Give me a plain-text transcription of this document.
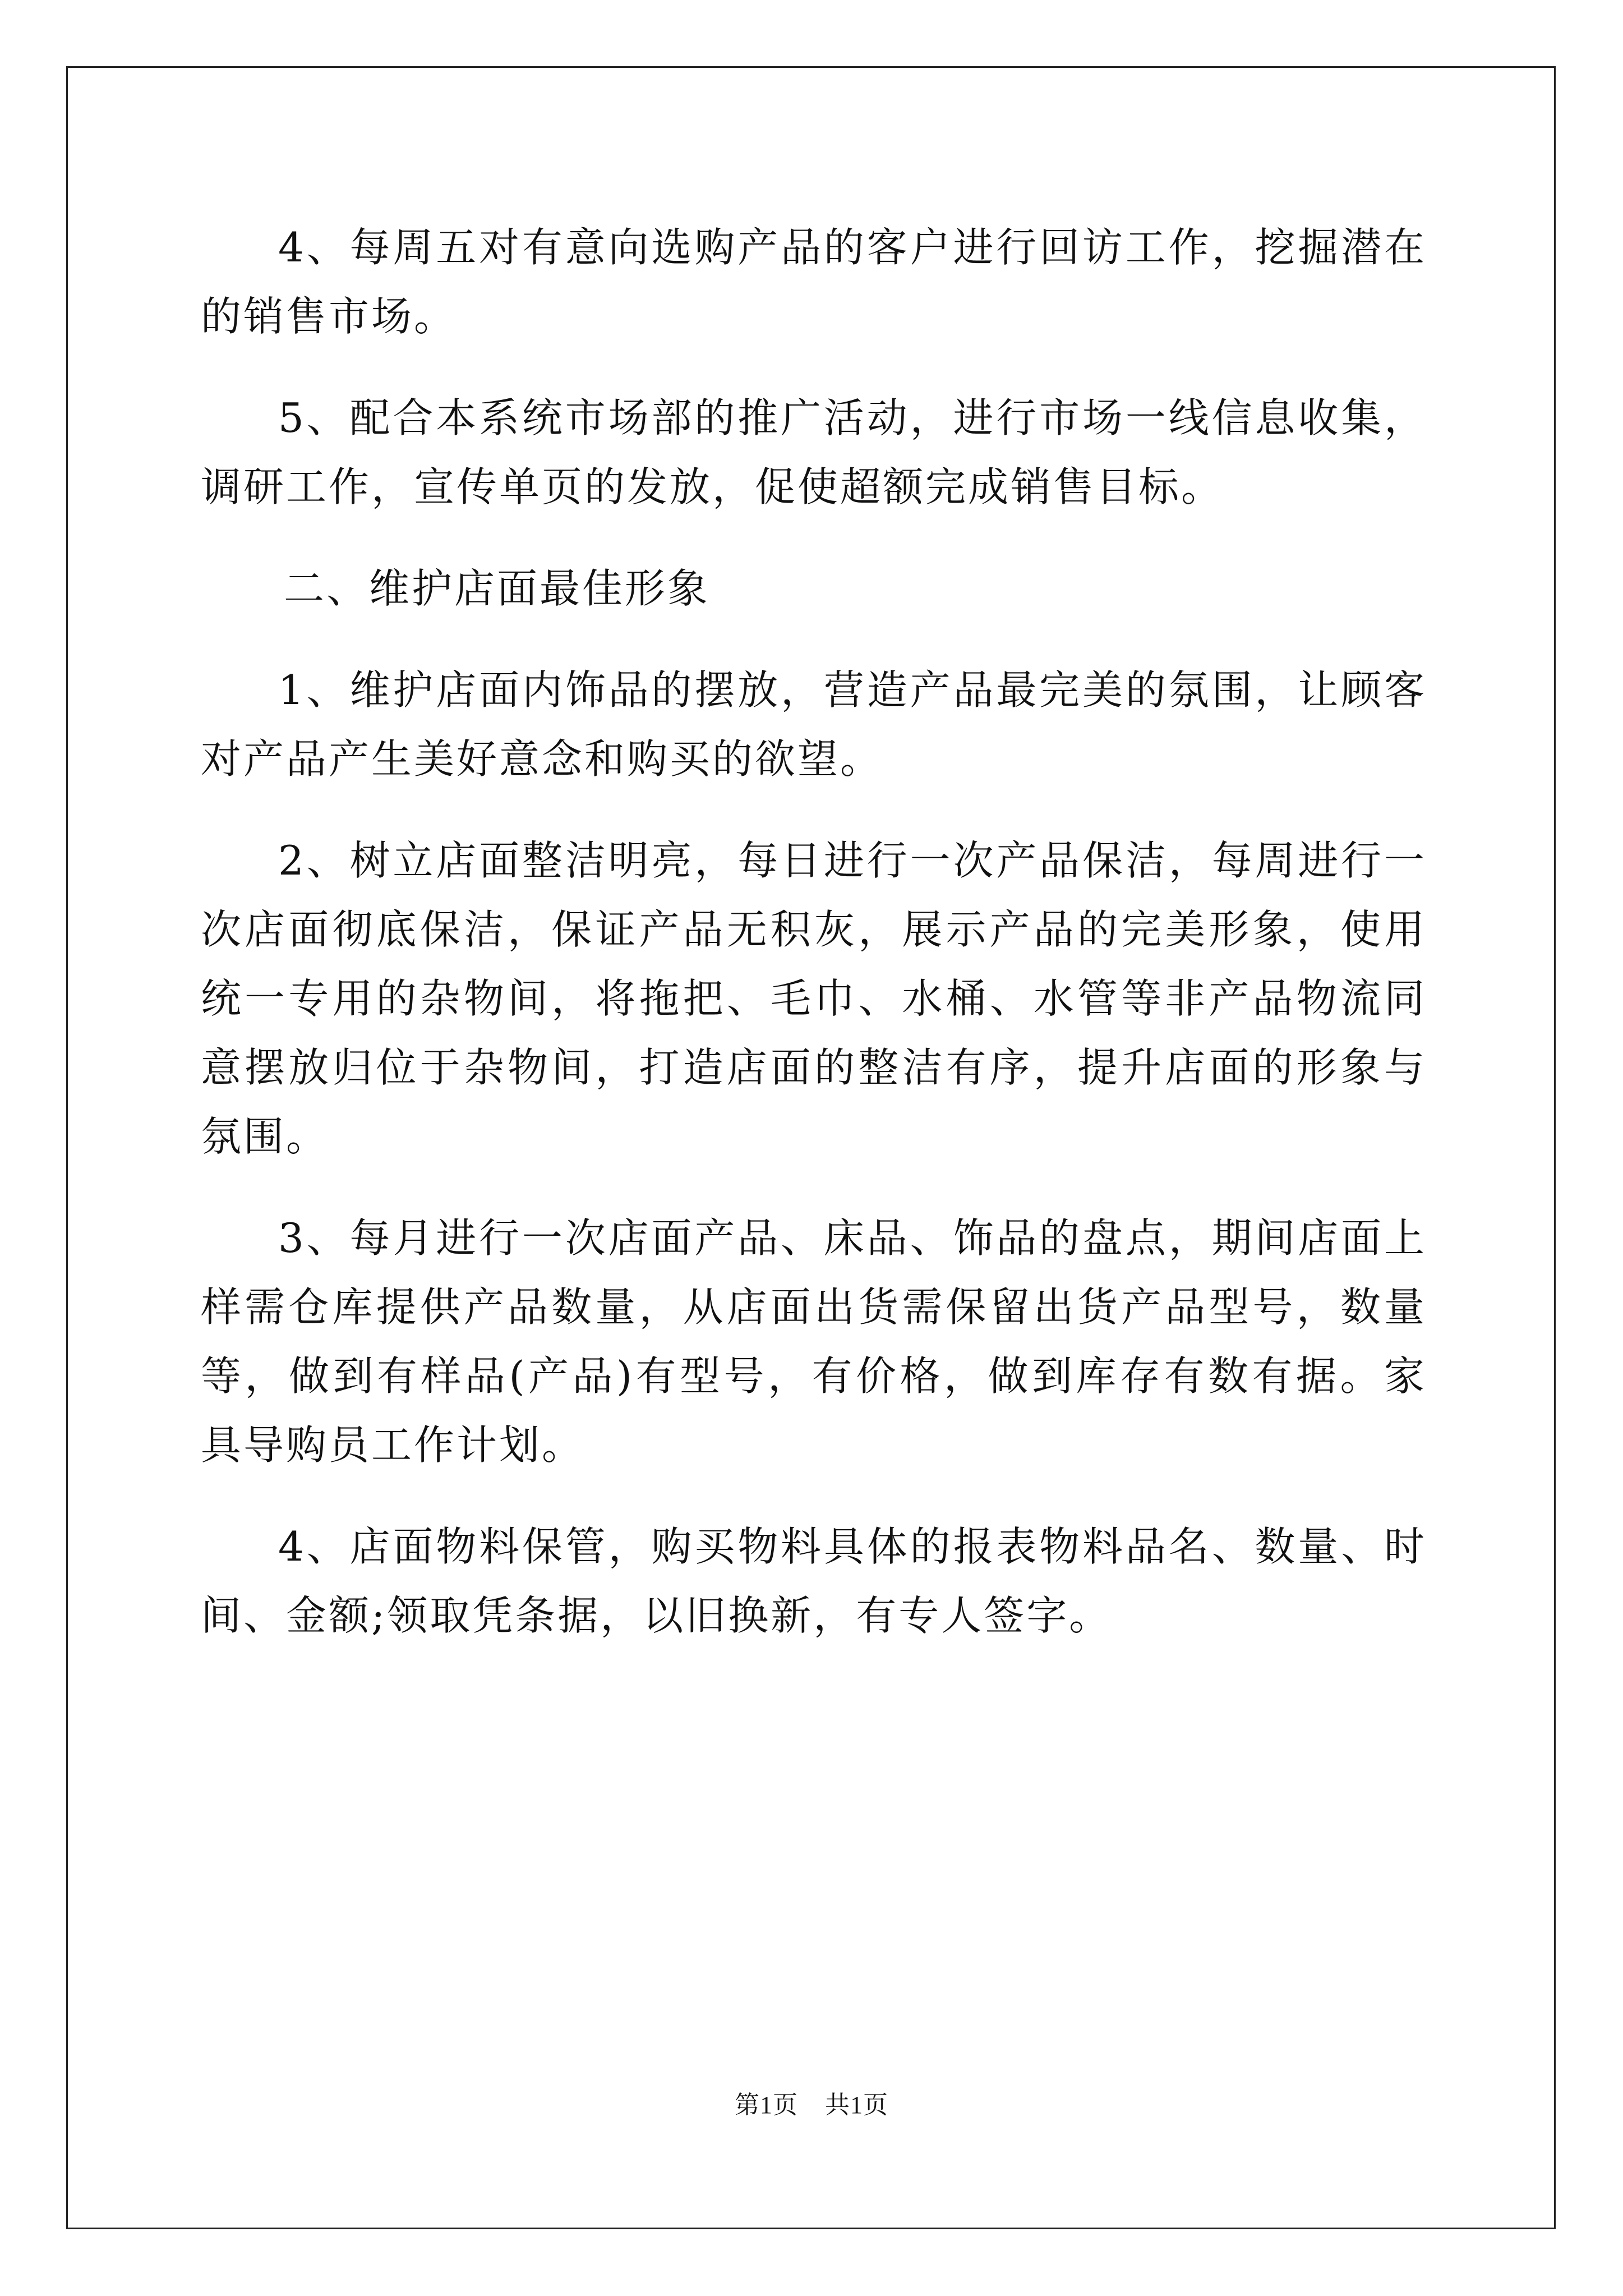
4、每周五对有意向选购产品的客户进行回访工作，挖掘潜在的销售市场。

5、配合本系统市场部的推广活动，进行市场一线信息收集，调研工作，宣传单页的发放，促使超额完成销售目标。

二、维护店面最佳形象

1、维护店面内饰品的摆放，营造产品最完美的氛围，让顾客对产品产生美好意念和购买的欲望。

2、树立店面整洁明亮，每日进行一次产品保洁，每周进行一次店面彻底保洁，保证产品无积灰，展示产品的完美形象，使用统一专用的杂物间，将拖把、毛巾、水桶、水管等非产品物流同意摆放归位于杂物间，打造店面的整洁有序，提升店面的形象与氛围。

3、每月进行一次店面产品、床品、饰品的盘点，期间店面上样需仓库提供产品数量，从店面出货需保留出货产品型号，数量等，做到有样品(产品)有型号，有价格，做到库存有数有据。家具导购员工作计划。

4、店面物料保管，购买物料具体的报表物料品名、数量、时间、金额;领取凭条据，以旧换新，有专人签字。

第1页 共1页
